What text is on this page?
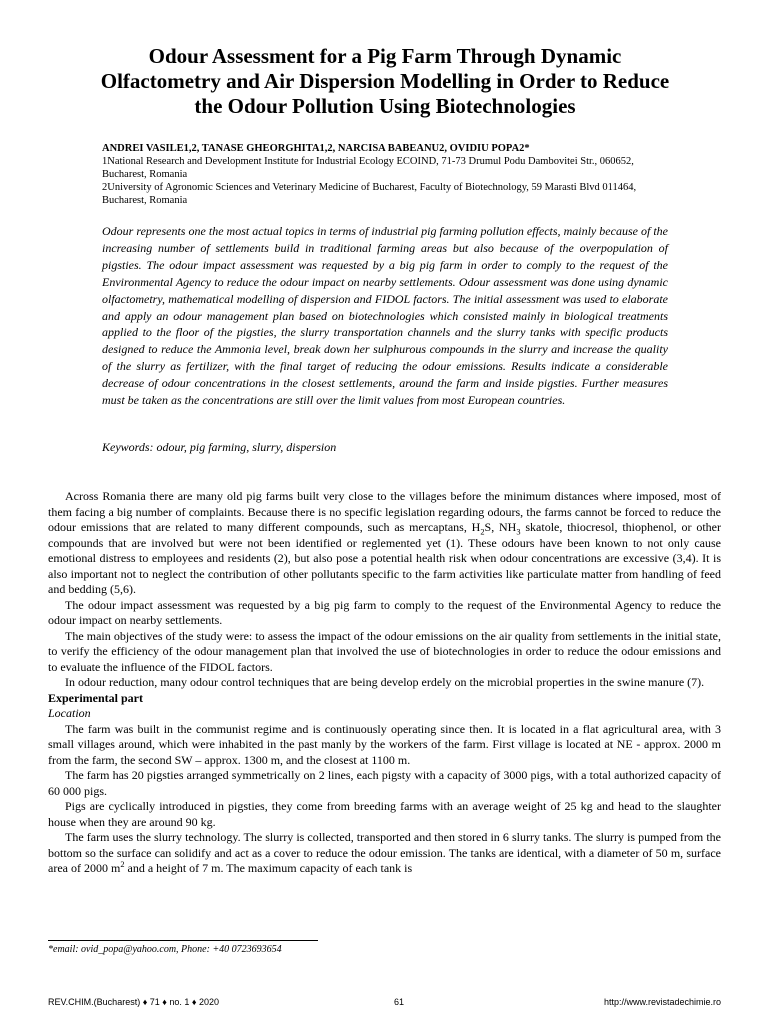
Odour Assessment for a Pig Farm Through Dynamic Olfactometry and Air Dispersion Modelling in Order to Reduce the Odour Pollution Using Biotechnologies
ANDREI VASILE1,2, TANASE GHEORGHITA1,2, NARCISA BABEANU2, OVIDIU POPA2*
1National Research and Development Institute for Industrial Ecology ECOIND, 71-73 Drumul Podu Dambovitei Str., 060652, Bucharest, Romania
2University of Agronomic Sciences and Veterinary Medicine of Bucharest, Faculty of Biotechnology, 59 Marasti Blvd 011464, Bucharest, Romania
Odour represents one the most actual topics in terms of industrial pig farming pollution effects, mainly because of the increasing number of settlements build in traditional farming areas but also because of the overpopulation of pigsties. The odour impact assessment was requested by a big pig farm in order to comply to the request of the Environmental Agency to reduce the odour impact on nearby settlements. Odour assessment was done using dynamic olfactometry, mathematical modelling of dispersion and FIDOL factors. The initial assessment was used to elaborate and apply an odour management plan based on biotechnologies which consisted mainly in biological treatments applied to the floor of the pigsties, the slurry transportation channels and the slurry tanks with specific products designed to reduce the Ammonia level, break down her sulphurous compounds in the slurry and increase the quality of the slurry as fertilizer, with the final target of reducing the odour emissions. Results indicate a considerable decrease of odour concentrations in the closest settlements, around the farm and inside pigsties. Further measures must be taken as the concentrations are still over the limit values from most European countries.
Keywords: odour, pig farming, slurry, dispersion

Across Romania there are many old pig farms built very close to the villages before the minimum distances where imposed, most of them facing a big number of complaints. Because there is no specific legislation regarding odours, the farms cannot be forced to reduce the odour emissions that are related to many different compounds, such as mercaptans, $H_2S$, $NH_3$ skatole, thiocresol, thiophenol, or other compounds that are involved but were not been identified or reglemented yet (1). These odours have been known to not only cause emotional distress to employees and residents (2), but also pose a potential health risk when odour concentrations are excessive (3,4). It is also important not to neglect the contribution of other pollutants specific to the farm activities like particulate matter from handling of feed and bedding (5,6).

The odour impact assessment was requested by a big pig farm to comply to the request of the Environmental Agency to reduce the odour impact on nearby settlements.

The main objectives of the study were: to assess the impact of the odour emissions on the air quality from settlements in the initial state, to verify the efficiency of the odour management plan that involved the use of biotechnologies in order to reduce the odour emissions and to evaluate the influence of the FIDOL factors.

In odour reduction, many odour control techniques that are being develop erdely on the microbial properties in the swine manure (7).

Experimental part

Location

The farm was built in the communist regime and is continuously operating since then. It is located in a flat agricultural area, with 3 small villages around, which were inhabited in the past manly by the workers of the farm. First village is located at NE - approx. 2000 m from the farm, the second SW – approx. 1300 m, and the closest at 1100 m.

The farm has 20 pigsties arranged symmetrically on 2 lines, each pigsty with a capacity of 3000 pigs, with a total authorized capacity of 60 000 pigs.

Pigs are cyclically introduced in pigsties, they come from breeding farms with an average weight of 25 kg and head to the slaughter house when they are around 90 kg.

The farm uses the slurry technology. The slurry is collected, transported and then stored in 6 slurry tanks. The slurry is pumped from the bottom so the surface can solidify and act as a cover to reduce the odour emission. The tanks are identical, with a diameter of 50 m, surface area of 2000 $m^2$ and a height of 7 m. The maximum capacity of each tank is

*email: ovid_popa@yahoo.com, Phone: +40 0723693654
REV.CHIM.(Bucharest) ♦ 71 ♦ no. 1 ♦ 2020	61	http://www.revistadechimie.ro
